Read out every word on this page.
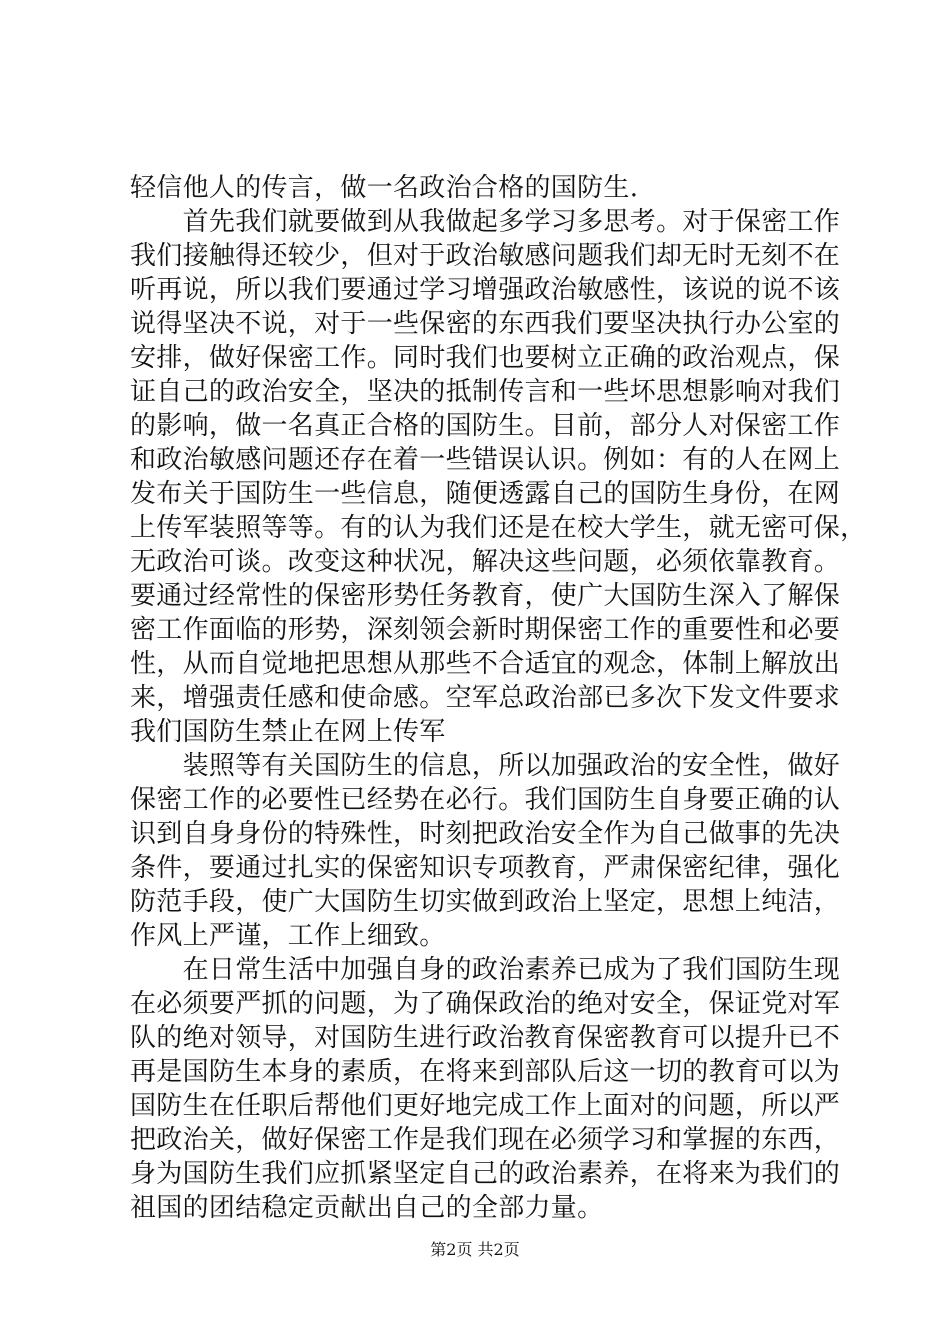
轻信他人的传言，做一名政治合格的国防生.
　　首先我们就要做到从我做起多学习多思考。对于保密工作
我们接触得还较少，但对于政治敏感问题我们却无时无刻不在
听再说，所以我们要通过学习增强政治敏感性，该说的说不该
说得坚决不说，对于一些保密的东西我们要坚决执行办公室的
安排，做好保密工作。同时我们也要树立正确的政治观点，保
证自己的政治安全，坚决的抵制传言和一些坏思想影响对我们
的影响，做一名真正合格的国防生。目前，部分人对保密工作
和政治敏感问题还存在着一些错误认识。例如：有的人在网上
发布关于国防生一些信息，随便透露自己的国防生身份，在网
上传军装照等等。有的认为我们还是在校大学生，就无密可保，
无政治可谈。改变这种状况，解决这些问题，必须依靠教育。
要通过经常性的保密形势任务教育，使广大国防生深入了解保
密工作面临的形势，深刻领会新时期保密工作的重要性和必要
性，从而自觉地把思想从那些不合适宜的观念，体制上解放出
来，增强责任感和使命感。空军总政治部已多次下发文件要求
我们国防生禁止在网上传军
　　装照等有关国防生的信息，所以加强政治的安全性，做好
保密工作的必要性已经势在必行。我们国防生自身要正确的认
识到自身身份的特殊性，时刻把政治安全作为自己做事的先决
条件，要通过扎实的保密知识专项教育，严肃保密纪律，强化
防范手段，使广大国防生切实做到政治上坚定，思想上纯洁，
作风上严谨，工作上细致。
　　在日常生活中加强自身的政治素养已成为了我们国防生现
在必须要严抓的问题，为了确保政治的绝对安全，保证党对军
队的绝对领导，对国防生进行政治教育保密教育可以提升已不
再是国防生本身的素质，在将来到部队后这一切的教育可以为
国防生在任职后帮他们更好地完成工作上面对的问题，所以严
把政治关，做好保密工作是我们现在必须学习和掌握的东西，
身为国防生我们应抓紧坚定自己的政治素养，在将来为我们的
祖国的团结稳定贡献出自己的全部力量。
第2页 共2页
